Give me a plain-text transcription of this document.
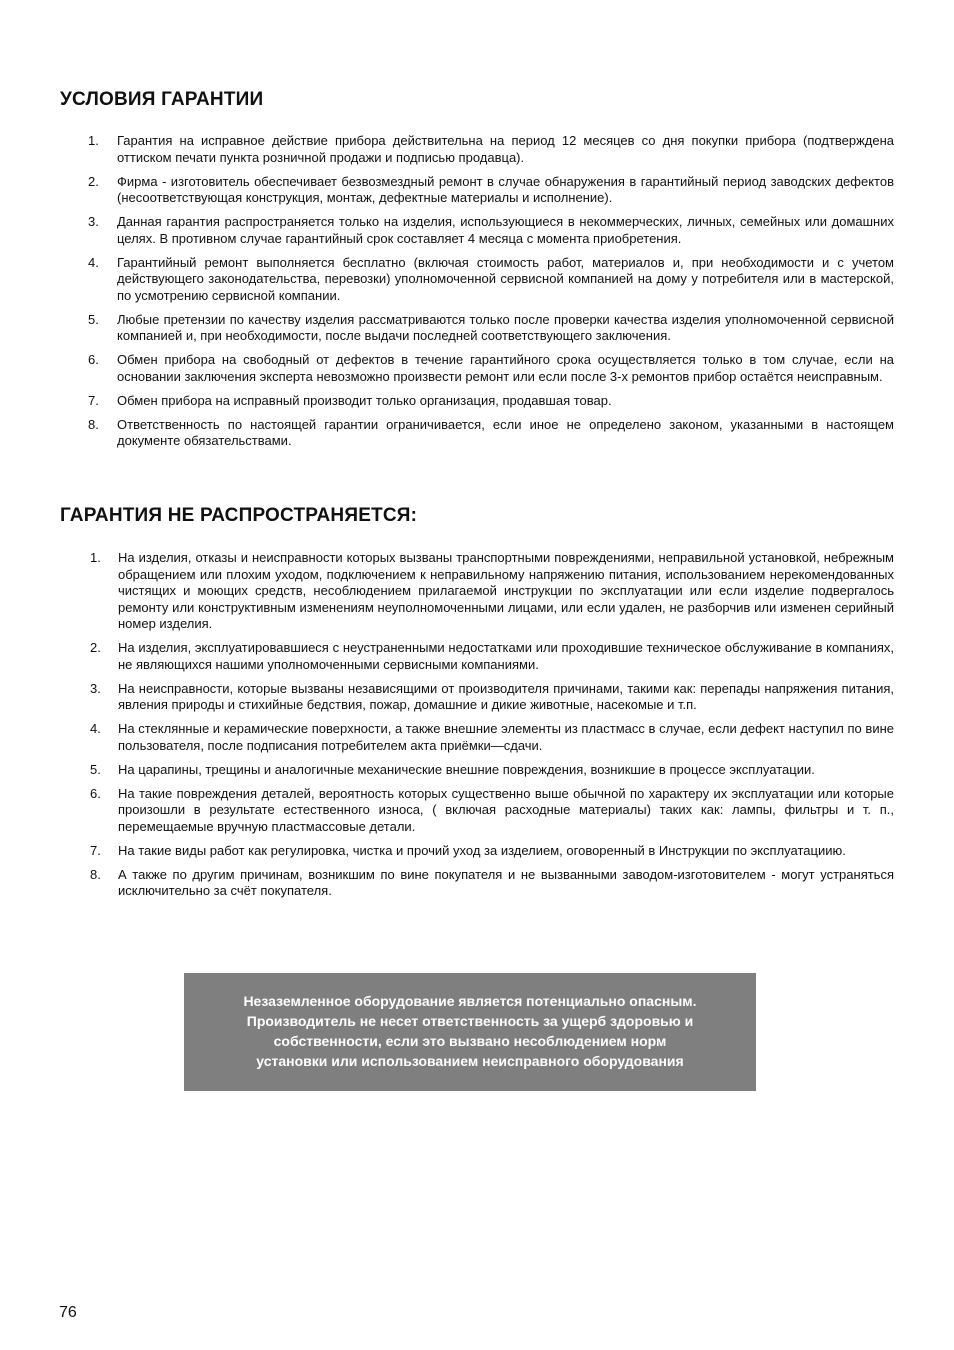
УСЛОВИЯ ГАРАНТИИ
1. Гарантия на исправное действие прибора действительна на период 12 месяцев со дня покупки прибора (подтверждена оттиском печати пункта розничной продажи и подписью продавца).
2. Фирма - изготовитель обеспечивает безвозмездный ремонт в случае обнаружения в гарантийный период заводских дефектов (несоответствующая конструкция, монтаж, дефектные материалы и исполнение).
3. Данная гарантия распространяется только на изделия, использующиеся в некоммерческих, личных, семейных или домашних целях. В противном случае гарантийный срок составляет 4 месяца с момента приобретения.
4. Гарантийный ремонт выполняется бесплатно (включая стоимость работ, материалов и, при необходимости и с учетом действующего законодательства, перевозки) уполномоченной сервисной компанией на дому у потребителя или в мастерской, по усмотрению сервисной компании.
5. Любые претензии по качеству изделия рассматриваются только после проверки качества изделия уполномоченной сервисной компанией и, при необходимости, после выдачи последней соответствующего заключения.
6. Обмен прибора на свободный от дефектов в течение гарантийного срока осуществляется только в том случае, если на основании заключения эксперта невозможно произвести ремонт или если после 3-х ремонтов прибор остаётся неисправным.
7. Обмен прибора на исправный производит только организация, продавшая товар.
8. Ответственность по настоящей гарантии ограничивается, если иное не определено законом, указанными в настоящем документе обязательствами.
ГАРАНТИЯ НЕ РАСПРОСТРАНЯЕТСЯ:
1. На изделия, отказы и неисправности которых вызваны транспортными повреждениями, неправильной установкой, небрежным обращением или плохим уходом, подключением к неправильному напряжению питания, использованием нерекомендованных чистящих и моющих средств, несоблюдением прилагаемой инструкции по эксплуатации или если изделие подвергалось ремонту или конструктивным изменениям неуполномоченными лицами, или если удален, не разборчив или изменен серийный номер изделия.
2. На изделия, эксплуатировавшиеся с неустраненными недостатками или проходившие техническое обслуживание в компаниях, не являющихся нашими уполномоченными сервисными компаниями.
3. На неисправности, которые вызваны независящими от производителя причинами, такими как: перепады напряжения питания, явления природы и стихийные бедствия, пожар, домашние и дикие животные, насекомые и т.п.
4. На стеклянные и керамические поверхности, а также внешние элементы из пластмасс в случае, если дефект наступил по вине пользователя, после подписания потребителем акта приёмки—сдачи.
5. На царапины, трещины и аналогичные механические внешние повреждения, возникшие в процессе эксплуатации.
6. На такие повреждения деталей, вероятность которых существенно выше обычной по характеру их эксплуатации или которые произошли в результате естественного износа, ( включая расходные материалы) таких как: лампы, фильтры и т. п., перемещаемые вручную пластмассовые детали.
7. На такие виды работ как регулировка, чистка и прочий уход за изделием, оговоренный в Инструкции по эксплуатациию.
8. А также по другим причинам, возникшим по вине покупателя и не вызванными заводом-изготовителем - могут устраняться исключительно за счёт покупателя.
Незаземленное оборудование является потенциально опасным.
Производитель не несет ответственность за ущерб здоровью и
собственности, если это вызвано несоблюдением норм
установки или использованием неисправного оборудования
76
